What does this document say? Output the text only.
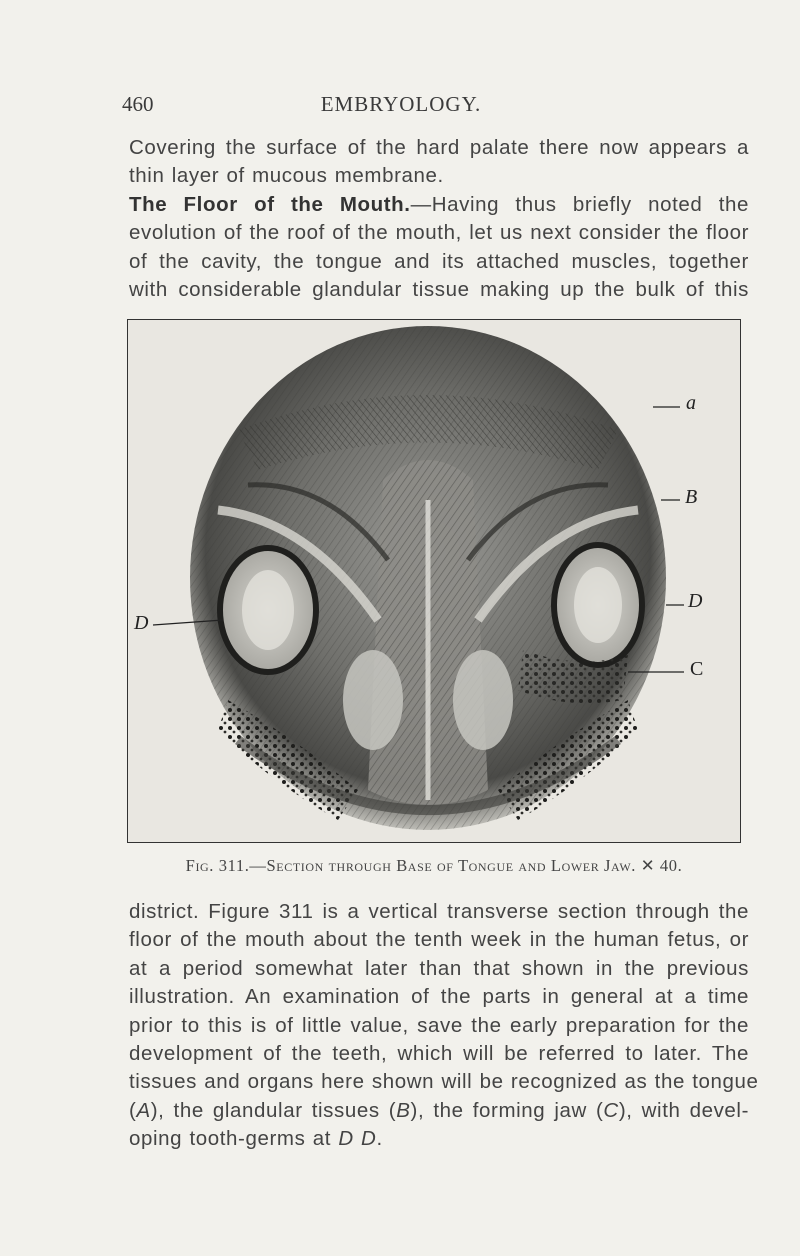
460	EMBRYOLOGY.
Covering the surface of the hard palate there now appears a
thin layer of mucous membrane.
The Floor of the Mouth.—Having thus briefly noted the
evolution of the roof of the mouth, let us next consider the floor
of the cavity, the tongue and its attached muscles, together
with considerable glandular tissue making up the bulk of this
a
B
D
C
D
Fig. 311.—Section through Base of Tongue and Lower Jaw. ✕ 40.
district. Figure 311 is a vertical transverse section through the
floor of the mouth about the tenth week in the human fetus, or
at a period somewhat later than that shown in the previous
illustration. An examination of the parts in general at a time
prior to this is of little value, save the early preparation for the
development of the teeth, which will be referred to later. The
tissues and organs here shown will be recognized as the tongue
(A), the glandular tissues (B), the forming jaw (C), with devel-
oping tooth-germs at D D.
